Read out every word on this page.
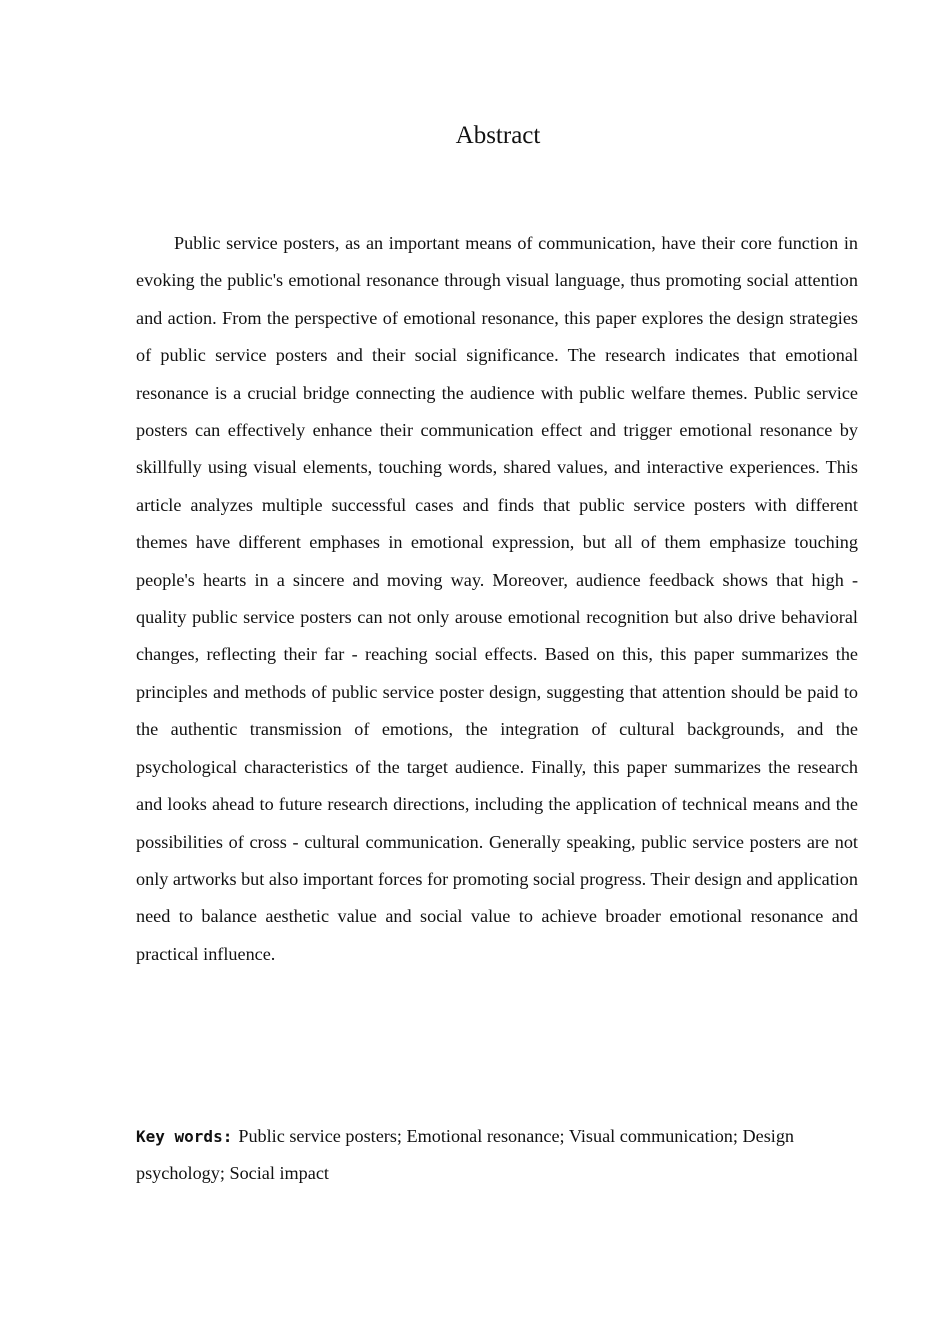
Abstract

Public service posters, as an important means of communication, have their core function in evoking the public's emotional resonance through visual language, thus promoting social attention and action. From the perspective of emotional resonance, this paper explores the design strategies of public service posters and their social significance. The research indicates that emotional resonance is a crucial bridge connecting the audience with public welfare themes. Public service posters can effectively enhance their communication effect and trigger emotional resonance by skillfully using visual elements, touching words, shared values, and interactive experiences. This article analyzes multiple successful cases and finds that public service posters with different themes have different emphases in emotional expression, but all of them emphasize touching people's hearts in a sincere and moving way. Moreover, audience feedback shows that high - quality public service posters can not only arouse emotional recognition but also drive behavioral changes, reflecting their far - reaching social effects. Based on this, this paper summarizes the principles and methods of public service poster design, suggesting that attention should be paid to the authentic transmission of emotions, the integration of cultural backgrounds, and the psychological characteristics of the target audience. Finally, this paper summarizes the research and looks ahead to future research directions, including the application of technical means and the possibilities of cross - cultural communication. Generally speaking, public service posters are not only artworks but also important forces for promoting social progress. Their design and application need to balance aesthetic value and social value to achieve broader emotional resonance and practical influence.

Key words: Public service posters; Emotional resonance; Visual communication; Design psychology; Social impact
